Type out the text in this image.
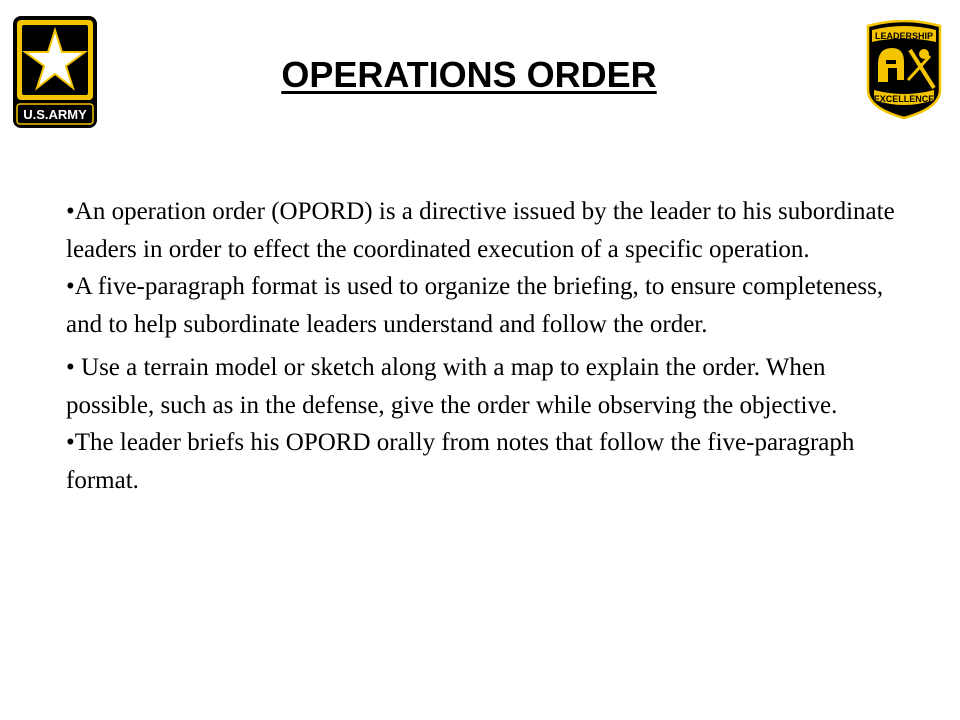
U.S.ARMY
OPERATIONS ORDER
LEADERSHIP
EXCELLENCE

•An operation order (OPORD) is a directive issued by the leader to his subordinate leaders in order to effect the coordinated execution of a specific operation.

•A five-paragraph format is used to organize the briefing, to ensure completeness, and to help subordinate leaders understand and follow the order.

• Use a terrain model or sketch along with a map to explain the order. When possible, such as in the defense, give the order while observing the objective.

•The leader briefs his OPORD orally from notes that follow the five-paragraph format.
